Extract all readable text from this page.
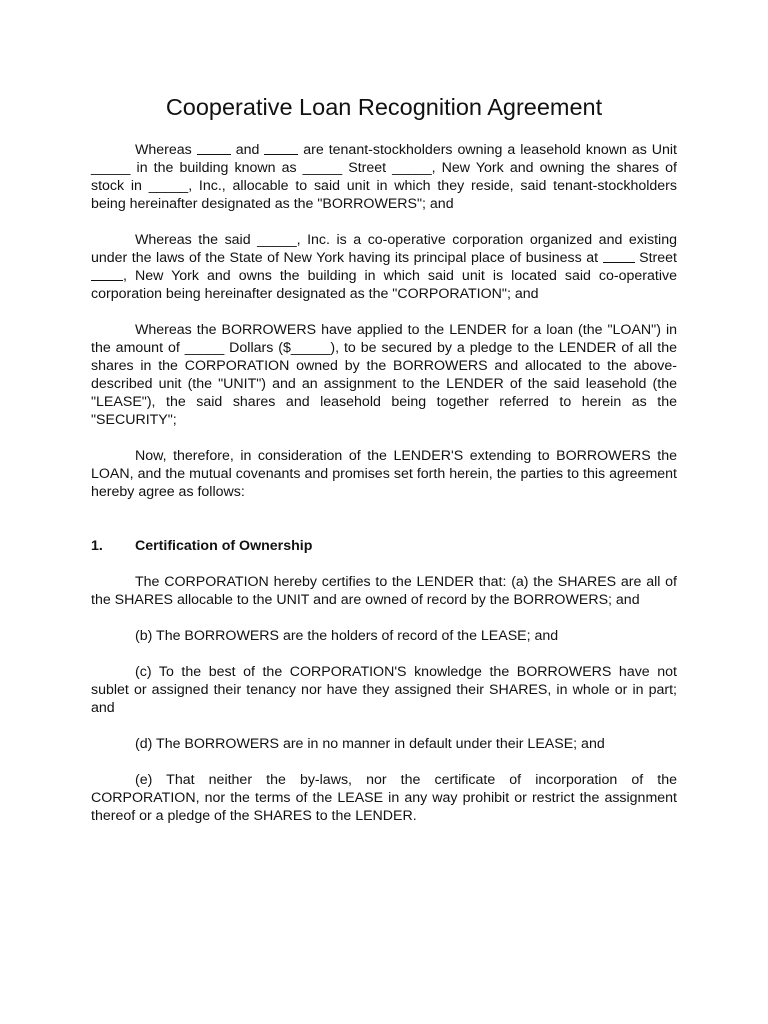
Cooperative Loan Recognition Agreement

Whereas	and	are tenant-stockholders owning a leasehold known as Unit _____ in the building known as _____ Street _____, New York and owning the shares of stock in _____, Inc., allocable to said unit in which they reside, said tenant-stockholders being hereinafter designated as the "BORROWERS"; and

Whereas the said _____, Inc. is a co-operative corporation organized and existing under the laws of the State of New York having its principal place of business at	Street , New York and owns the building in which said unit is located said co-operative corporation being hereinafter designated as the "CORPORATION"; and

Whereas the BORROWERS have applied to the LENDER for a loan (the "LOAN") in the amount of _____ Dollars ($_____), to be secured by a pledge to the LENDER of all the shares in the CORPORATION owned by the BORROWERS and allocated to the above-described unit (the "UNIT") and an assignment to the LENDER of the said leasehold (the "LEASE"), the said shares and leasehold being together referred to herein as the "SECURITY";

Now, therefore, in consideration of the LENDER'S extending to BORROWERS the LOAN, and the mutual covenants and promises set forth herein, the parties to this agreement hereby agree as follows:

1.	Certification of Ownership

The CORPORATION hereby certifies to the LENDER that: (a) the SHARES are all of the SHARES allocable to the UNIT and are owned of record by the BORROWERS; and

(b) The BORROWERS are the holders of record of the LEASE; and

(c) To the best of the CORPORATION'S knowledge the BORROWERS have not sublet or assigned their tenancy nor have they assigned their SHARES, in whole or in part; and

(d) The BORROWERS are in no manner in default under their LEASE; and

(e) That neither the by-laws, nor the certificate of incorporation of the CORPORATION, nor the terms of the LEASE in any way prohibit or restrict the assignment thereof or a pledge of the SHARES to the LENDER.
